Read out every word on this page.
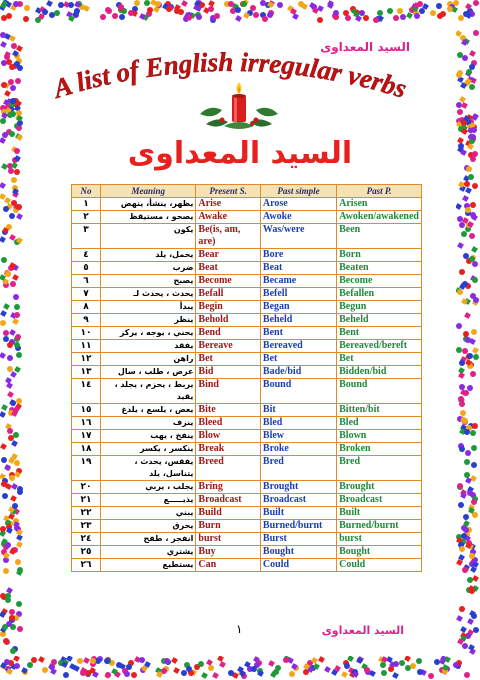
السيد المعداوى
A list of English irregular verbs
السيد المعداوى
No	Meaning	Present S.	Past simple	Past P.
١	يظهر، ينشأ، ينهض	Arise	Arose	Arisen
٢	يصحو ، مستيقظ	Awake	Awoke	Awoken/awakened
٣	يكون	Be(is, am, are)	Was/were	Been
٤	يحمل، يلد	Bear	Bore	Born
٥	ضرب	Beat	Beat	Beaten
٦	يصبح	Become	Became	Become
٧	يحدث ، يحدث لـ	Befall	Befell	Befallen
٨	يبدأ	Begin	Began	Begun
٩	ينظر	Behold	Beheld	Beheld
١٠	يحني ، يوجه ، يركز	Bend	Bent	Bent
١١	يفقد	Bereave	Bereaved	Bereaved/bereft
١٢	راهن	Bet	Bet	Bet
١٣	عرض ، طلب ، سال	Bid	Bade/bid	Bidden/bid
١٤	يربط ، يحزم ، يجلد ، يقيد	Bind	Bound	Bound
١٥	يعض ، يلسع ، يلدغ	Bite	Bit	Bitten/bit
١٦	ينزف	Bleed	Bled	Bled
١٧	ينفخ ، يهب	Blow	Blew	Blown
١٨	ينكسر ، يكسر	Break	Broke	Broken
١٩	يفقس، يحدث ، يتناسل، يلد	Breed	Bred	Bred
٢٠	يجلب ، يربي	Bring	Brought	Brought
٢١	يذيـــــع	Broadcast	Broadcast	Broadcast
٢٢	يبني	Build	Built	Built
٢٣	يحرق	Burn	Burned/burnt	Burned/burnt
٢٤	انفجر ، طفح	burst	Burst	burst
٢٥	يشتري	Buy	Bought	Bought
٢٦	يستطيع	Can	Could	Could
السيد المعداوى
١
